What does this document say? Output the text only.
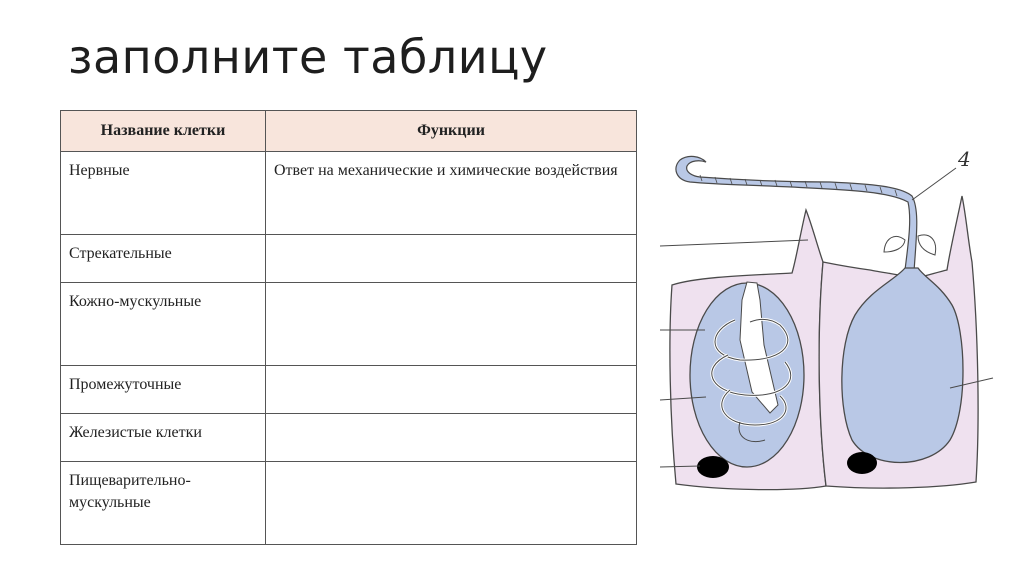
заполните таблицу
Название клетки	Функции
Нервные	Ответ на механические и химические воздействия
Стрекательные	
Кожно-мускульные	
Промежуточные	
Железистые клетки	
Пищеварительно-мускульные	
4
